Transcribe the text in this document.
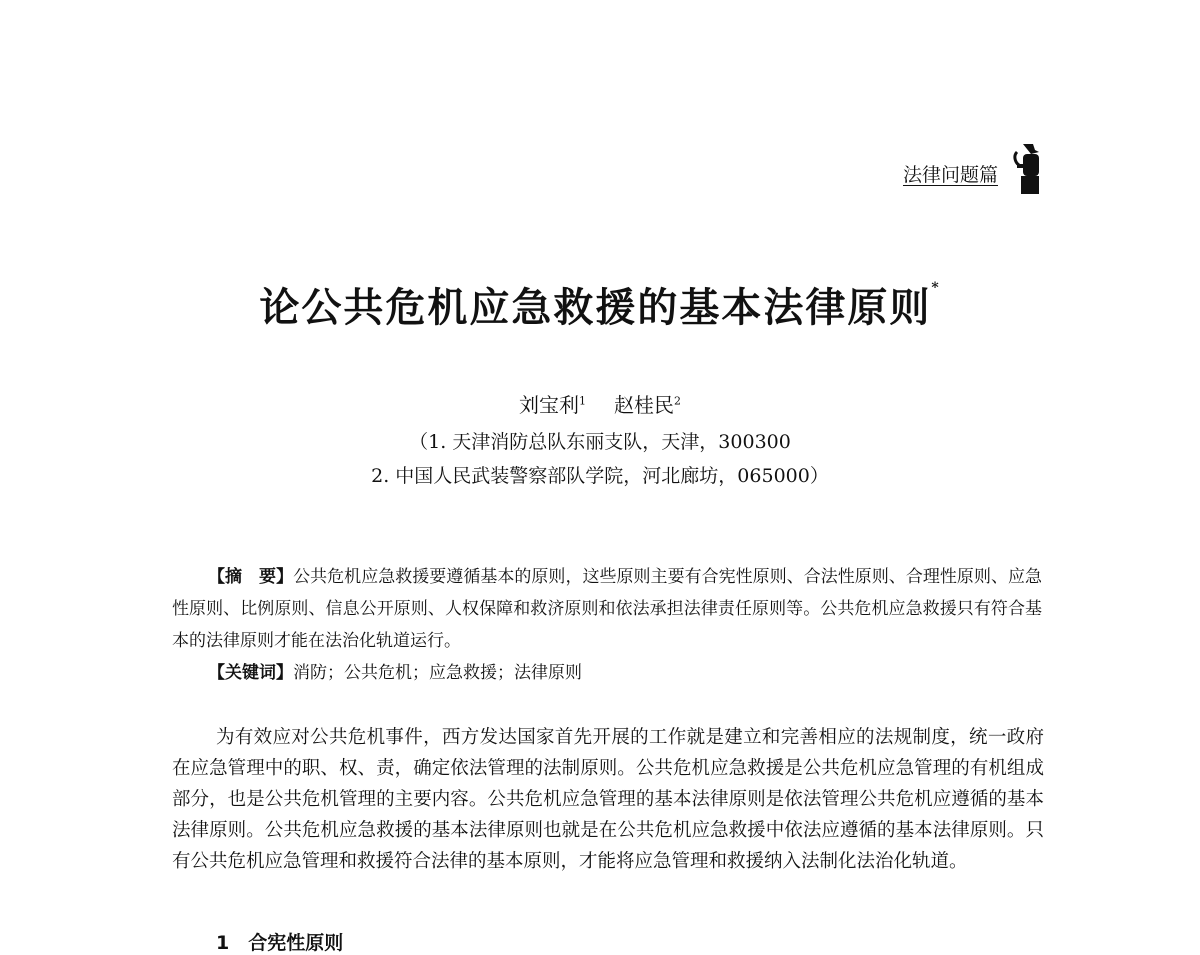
法律问题篇
论公共危机应急救援的基本法律原则*
刘宝利$^1$ 赵桂民$^2$
（1. 天津消防总队东丽支队，天津，300300
2. 中国人民武装警察部队学院，河北廊坊，065000）
【摘　要】公共危机应急救援要遵循基本的原则，这些原则主要有合宪性原则、合法性原则、合理性原则、应急性原则、比例原则、信息公开原则、人权保障和救济原则和依法承担法律责任原则等。公共危机应急救援只有符合基本的法律原则才能在法治化轨道运行。
【关键词】消防；公共危机；应急救援；法律原则
为有效应对公共危机事件，西方发达国家首先开展的工作就是建立和完善相应的法规制度，统一政府在应急管理中的职、权、责，确定依法管理的法制原则。公共危机应急救援是公共危机应急管理的有机组成部分，也是公共危机管理的主要内容。公共危机应急管理的基本法律原则是依法管理公共危机应遵循的基本法律原则。公共危机应急救援的基本法律原则也就是在公共危机应急救援中依法应遵循的基本法律原则。只有公共危机应急管理和救援符合法律的基本原则，才能将应急管理和救援纳入法制化法治化轨道。
1　合宪性原则
